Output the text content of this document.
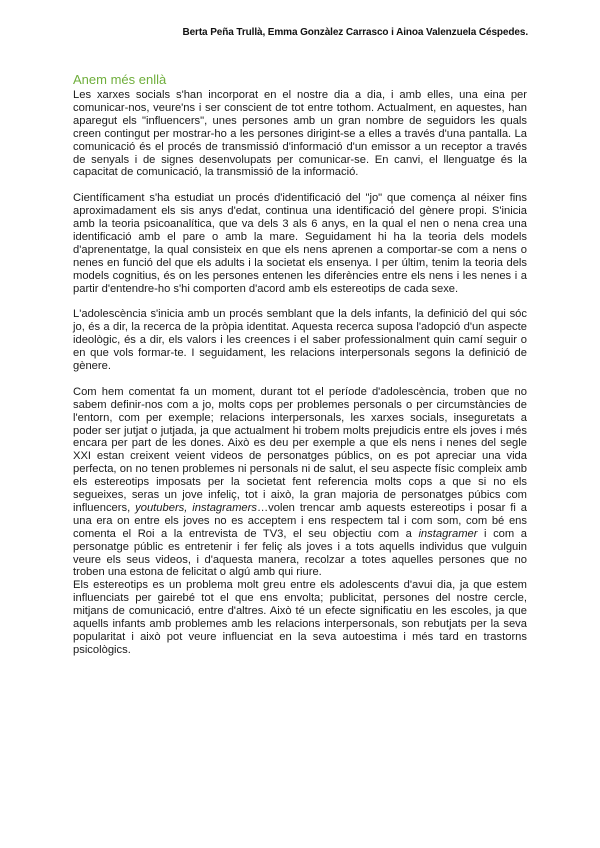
Berta Peña Trullà, Emma Gonzàlez Carrasco i Ainoa Valenzuela Céspedes.
Anem més enllà

Les xarxes socials s'han incorporat en el nostre dia a dia, i amb elles, una eina per comunicar-nos, veure'ns i ser conscient de tot entre tothom. Actualment, en aquestes, han aparegut els "influencers", unes persones amb un gran nombre de seguidors les quals creen contingut per mostrar-ho a les persones dirigint-se a elles a través d'una pantalla. La comunicació és el procés de transmissió d'informació d'un emissor a un receptor a través de senyals i de signes desenvolupats per comunicar-se. En canvi, el llenguatge és la capacitat de comunicació, la transmissió de la informació.

Científicament s'ha estudiat un procés d'identificació del "jo" que comença al néixer fins aproximadament els sis anys d'edat, continua una identificació del gènere propi. S'inicia amb la teoria psicoanalítica, que va dels 3 als 6 anys, en la qual el nen o nena crea una identificació amb el pare o amb la mare. Seguidament hi ha la teoria dels models d'aprenentatge, la qual consisteix en que els nens aprenen a comportar-se com a nens o nenes en funció del que els adults i la societat els ensenya. I per últim, tenim la teoria dels models cognitius, és on les persones entenen les diferències entre els nens i les nenes i a partir d'entendre-ho s'hi comporten d'acord amb els estereotips de cada sexe.

L'adolescència s'inicia amb un procés semblant que la dels infants, la definició del qui sóc jo, és a dir, la recerca de la pròpia identitat. Aquesta recerca suposa l'adopció d'un aspecte ideològic, és a dir, els valors i les creences i el saber professionalment quin camí seguir o en que vols formar-te. I seguidament, les relacions interpersonals segons la definició de gènere.

Com hem comentat fa un moment, durant tot el període d'adolescència, troben que no sabem definir-nos com a jo, molts cops per problemes personals o per circumstàncies de l'entorn, com per exemple; relacions interpersonals, les xarxes socials, inseguretats a poder ser jutjat o jutjada, ja que actualment hi trobem molts prejudicis entre els joves i més encara per part de les dones. Això es deu per exemple a que els nens i nenes del segle XXI estan creixent veient videos de personatges públics, on es pot apreciar una vida perfecta, on no tenen problemes ni personals ni de salut, el seu aspecte físic compleix amb els estereotips imposats per la societat fent referencia molts cops a que si no els segueixes, seras un jove infeliç, tot i això, la gran majoria de personatges púbics com influencers, youtubers, instagramers…volen trencar amb aquests estereotips i posar fi a una era on entre els joves no es acceptem i ens respectem tal i com som, com bé ens comenta el Roi a la entrevista de TV3, el seu objectiu com a instagramer i com a personatge públic es entretenir i fer feliç als joves i a tots aquells individus que vulguin veure els seus videos, i d'aquesta manera, recolzar a totes aquelles persones que no troben una estona de felicitat o algú amb qui riure.

Els estereotips es un problema molt greu entre els adolescents d'avui dia, ja que estem influenciats per gairebé tot el que ens envolta; publicitat, persones del nostre cercle, mitjans de comunicació, entre d'altres. Això té un efecte significatiu en les escoles, ja que aquells infants amb problemes amb les relacions interpersonals, son rebutjats per la seva popularitat i això pot veure influenciat en la seva autoestima i més tard en trastorns psicològics.
